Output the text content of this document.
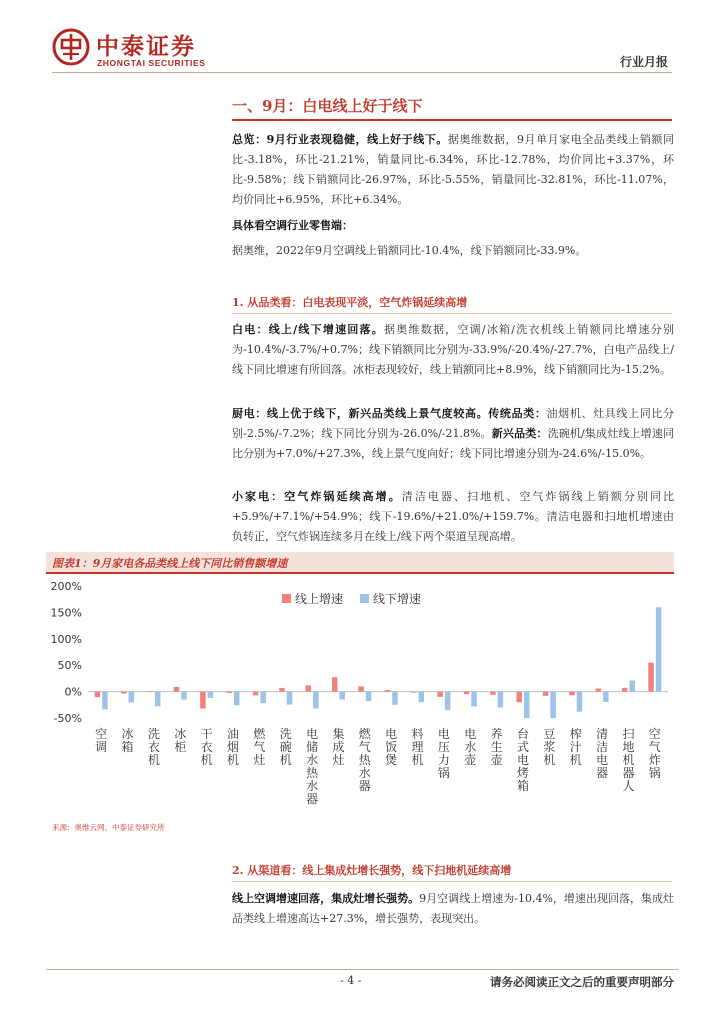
中泰证券
ZHONGTAI SECURITIES	行业月报
一、9月：白电线上好于线下
总览：9月行业表现稳健，线上好于线下。据奥维数据，9月单月家电全品类线上销额同比-3.18%，环比-21.21%，销量同比-6.34%，环比-12.78%，均价同比+3.37%，环比-9.58%；线下销额同比-26.97%，环比-5.55%，销量同比-32.81%，环比-11.07%，均价同比+6.95%，环比+6.34%。
具体看空调行业零售端：
据奥维，2022年9月空调线上销额同比-10.4%，线下销额同比-33.9%。
1. 从品类看：白电表现平淡，空气炸锅延续高增
白电：线上/线下增速回落。据奥维数据，空调/冰箱/洗衣机线上销额同比增速分别为-10.4%/-3.7%/+0.7%；线下销额同比分别为-33.9%/-20.4%/-27.7%，白电产品线上/线下同比增速有所回落。冰柜表现较好，线上销额同比+8.9%，线下销额同比为-15.2%。
厨电：线上优于线下，新兴品类线上景气度较高。传统品类：油烟机、灶具线上同比分别-2.5%/-7.2%；线下同比分别为-26.0%/-21.8%。新兴品类：洗碗机/集成灶线上增速同比分别为+7.0%/+27.3%，线上景气度向好；线下同比增速分别为-24.6%/-15.0%。
小家电：空气炸锅延续高增。清洁电器、扫地机、空气炸锅线上销额分别同比+5.9%/+7.1%/+54.9%；线下-19.6%/+21.0%/+159.7%。清洁电器和扫地机增速由负转正，空气炸锅连续多月在线上/线下两个渠道呈现高增。
图表1：9月家电各品类线上线下同比销售额增速
-50%
0%
50%
100%
150%
200%
空调
冰箱
洗衣机
冰柜
干衣机
油烟机
燃气灶
洗碗机
电储水热水器
集成灶
燃气热水器
电饭煲
料理机
电压力锅
电水壶
养生壶
台式电烤箱
豆浆机
榨汁机
清洁电器
扫地机器人
空气炸锅
线上增速 线下增速
来源：奥维云网、中泰证券研究所
2. 从渠道看：线上集成灶增长强势，线下扫地机延续高增
线上空调增速回落，集成灶增长强势。9月空调线上增速为-10.4%，增速出现回落，集成灶品类线上增速高达+27.3%，增长强势，表现突出。
- 4 -	请务必阅读正文之后的重要声明部分
